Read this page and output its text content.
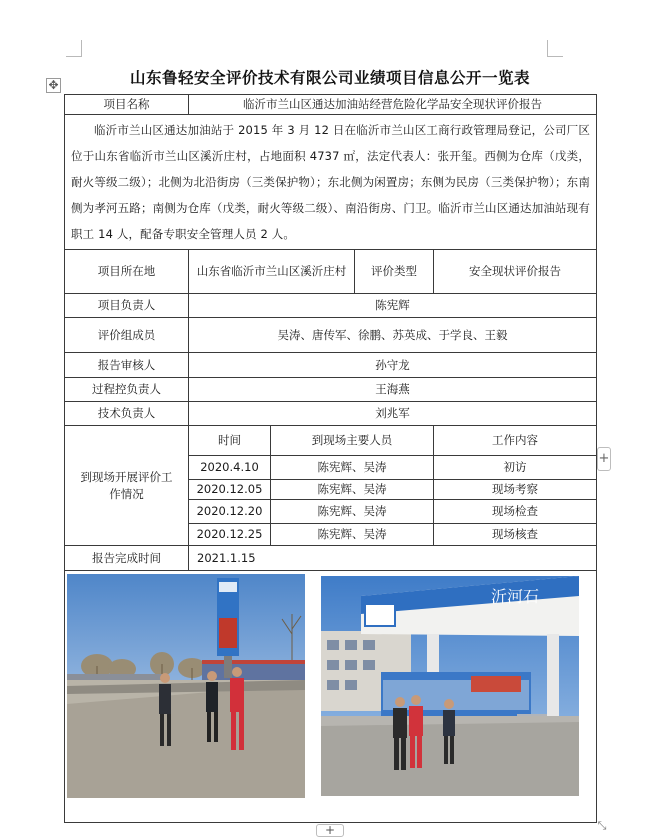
山东鲁轻安全评价技术有限公司业绩项目信息公开一览表
✥
项目名称	临沂市兰山区通达加油站经营危险化学品安全现状评价报告			

临沂市兰山区通达加油站于 2015 年 3 月 12 日在临沂市兰山区工商行政管理局登记，公司厂区位于山东省临沂市兰山区溪沂庄村，占地面积 4737 ㎡，法定代表人：张开玺。西侧为仓库（戊类，耐火等级二级）；北侧为北沿街房（三类保护物）；东北侧为闲置房；东侧为民房（三类保护物）；东南侧为孝河五路；南侧为仓库（戊类，耐火等级二级）、南沿街房、门卫。临沂市兰山区通达加油站现有职工 14 人，配备专职安全管理人员 2 人。				

项目所在地	山东省临沂市兰山区溪沂庄村		评价类型	安全现状评价报告
项目负责人	陈宪辉			
评价组成员	吴涛、唐传军、徐鹏、苏英成、于学良、王毅			
报告审核人	孙守龙			
过程控负责人	王海燕			
技术负责人	刘兆军			
到现场开展评价工作情况	时间	到现场主要人员		工作内容
	2020.4.10	陈宪辉、吴涛		初访
	2020.12.05	陈宪辉、吴涛		现场考察
	2020.12.20	陈宪辉、吴涛		现场检查
	2020.12.25	陈宪辉、吴涛		现场核查
报告完成时间	2021.1.15			

沂河石				
+
+	⤡
